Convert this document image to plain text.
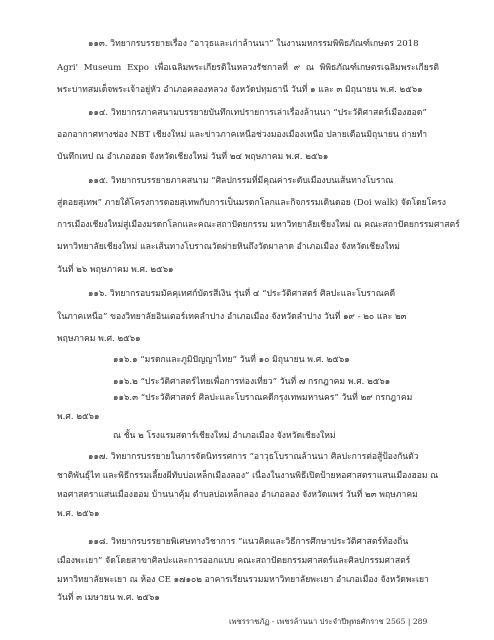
๑๑๓. วิทยากรบรรยายเรื่อง “อาวุธและเก่าล้านนา” ในงานมหกรรมพิพิธภัณฑ์เกษตร 2018
Agri' Museum Expo เพื่อเฉลิมพระเกียรติในหลวงรัชกาลที่ ๙ ณ พิพิธภัณฑ์เกษตรเฉลิมพระเกียรติ
พระบาทสมเด็จพระเจ้าอยู่หัว อำเภอคลองหลวง จังหวัดปทุมธานี วันที่ ๑ และ ๓ มิถุนายน พ.ศ. ๒๕๖๑
๑๑๔. วิทยากรภาคสนามบรรยายบันทึกเทปรายการเล่าเรื่องล้านนา “ประวัติศาสตร์เมืองฮอด”
ออกอากาศทางช่อง NBT เชียงใหม่ และข่าวภาคเหนือช่วงมองเมืองเหนือ ปลายเดือนมิถุนายน ถ่ายทำ
บันทึกเทป ณ อำเภอฮอด จังหวัดเชียงใหม่ วันที่ ๒๔ พฤษภาคม พ.ศ. ๒๕๖๑
๑๑๕. วิทยากรบรรยายภาคสนาม “ศิลปกรรมที่มีคุณค่าระดับเมืองบนเส้นทางโบราณ
สู่ดอยสุเทพ” ภายใต้โครงการดอยสุเทพกับการเป็นมรดกโลกและกิจกรรมเดินดอย (Doi walk) จัดโดยโครง
การเมืองเชียงใหม่สู่เมืองมรดกโลกและคณะสถาปัตยกรรม มหาวิทยาลัยเชียงใหม่ ณ คณะสถาปัตยกรรมศาสตร์
มหาวิทยาลัยเชียงใหม่ และเส้นทางโบราณวัดผ่ายหินถึงวัดผาลาด อำเภอเมือง จังหวัดเชียงใหม่
วันที่ ๒๖ พฤษภาคม พ.ศ. ๒๕๖๑
๑๑๖. วิทยากรอบรมมัคคุเทศก์บัตรสีเงิน รุ่นที่ ๔ “ประวัติศาสตร์ ศิลปะและโบราณคดี
ในภาคเหนือ” ของวิทยาลัยอินเตอร์เทคลำปาง อำเภอเมือง จังหวัดลำปาง วันที่ ๑๙ - ๒๐ และ ๒๓
พฤษภาคม พ.ศ. ๒๕๖๑
๑๑๖.๑ “มรดกและภูมิปัญญาไทย” วันที่ ๑๐ มิถุนายน พ.ศ. ๒๕๖๑
๑๑๖.๒ “ประวัติศาสตร์ไทยเพื่อการท่องเที่ยว” วันที่ ๗ กรกฎาคม พ.ศ. ๒๕๖๑
๑๑๖.๓ “ประวัติศาสตร์ ศิลปะและโบราณคดีกรุงเทพมหานคร” วันที่ ๒๙ กรกฎาคม
พ.ศ. ๒๕๖๑
ณ ชั้น ๒ โรงแรมสตาร์เชียงใหม่ อำเภอเมือง จังหวัดเชียงใหม่
๑๑๗. วิทยากรบรรยายในการจัดนิทรรศการ “อาวุธโบราณล้านนา ศิลปะการต่อสู้ป้องกันตัว
ชาติพันธุ์ไท และพิธีกรรมเลี้ยงผีทับบ่อเหล็กเมืองลอง” เนื่องในงานพิธีเปิดป้ายหอศาสตราแสนเมืองฮอม ณ
หอศาสตราแสนเมืองฮอม บ้านนาคุ้ม ตำบลบ่อเหล็กลอง อำเภอลอง จังหวัดแพร่ วันที่ ๒๓ พฤษภาคม
พ.ศ. ๒๕๖๑
๑๑๘. วิทยากรบรรยายพิเศษทางวิชาการ “แนวคิดและวิธีการศึกษาประวัติศาสตร์ท้องถิ่น
เมืองพะเยา” จัดโดยสาขาศิลปะและการออกแบบ คณะสถาปัตยกรรมศาสตร์และศิลปกรรมศาสตร์
มหาวิทยาลัยพะเยา ณ ห้อง CE ๑๗๑๐๒ อาคารเรียนรวมมหาวิทยาลัยพะเยา อำเภอเมือง จังหวัดพะเยา
วันที่ ๓ เมษายน พ.ศ. ๒๕๖๑
เพชรราชภัฏ - เพชรล้านนา ประจำปีพุทธศักราช 2565 | 289
